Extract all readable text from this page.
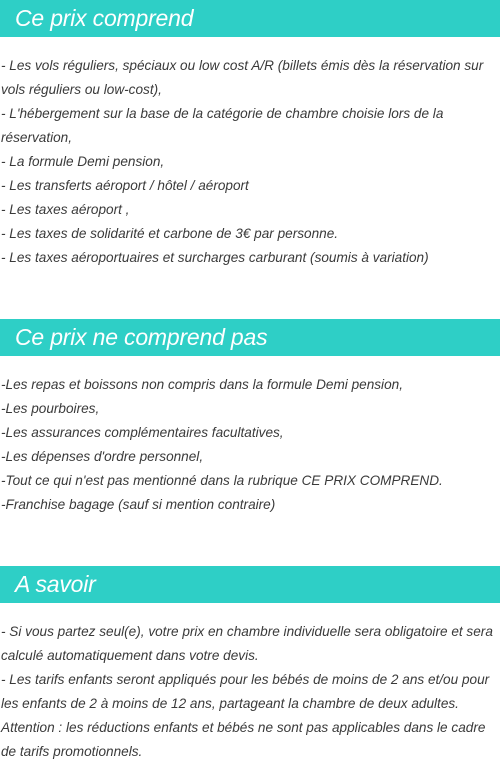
Ce prix comprend

- Les vols réguliers, spéciaux ou low cost A/R (billets émis dès la réservation sur vols réguliers ou low-cost),

- L'hébergement sur la base de la catégorie de chambre choisie lors de la réservation,

- La formule Demi pension,

- Les transferts aéroport / hôtel / aéroport

- Les taxes aéroport ,

- Les taxes de solidarité et carbone de 3€ par personne.

- Les taxes aéroportuaires et surcharges carburant (soumis à variation)

Ce prix ne comprend pas

-Les repas et boissons non compris dans la formule Demi pension,

-Les pourboires,

-Les assurances complémentaires facultatives,

-Les dépenses d'ordre personnel,

-Tout ce qui n'est pas mentionné dans la rubrique CE PRIX COMPREND.

-Franchise bagage (sauf si mention contraire)

A savoir

- Si vous partez seul(e), votre prix en chambre individuelle sera obligatoire et sera calculé automatiquement dans votre devis.

- Les tarifs enfants seront appliqués pour les bébés de moins de 2 ans et/ou pour les enfants de 2 à moins de 12 ans, partageant la chambre de deux adultes.

Attention : les réductions enfants et bébés ne sont pas applicables dans le cadre de tarifs promotionnels.
